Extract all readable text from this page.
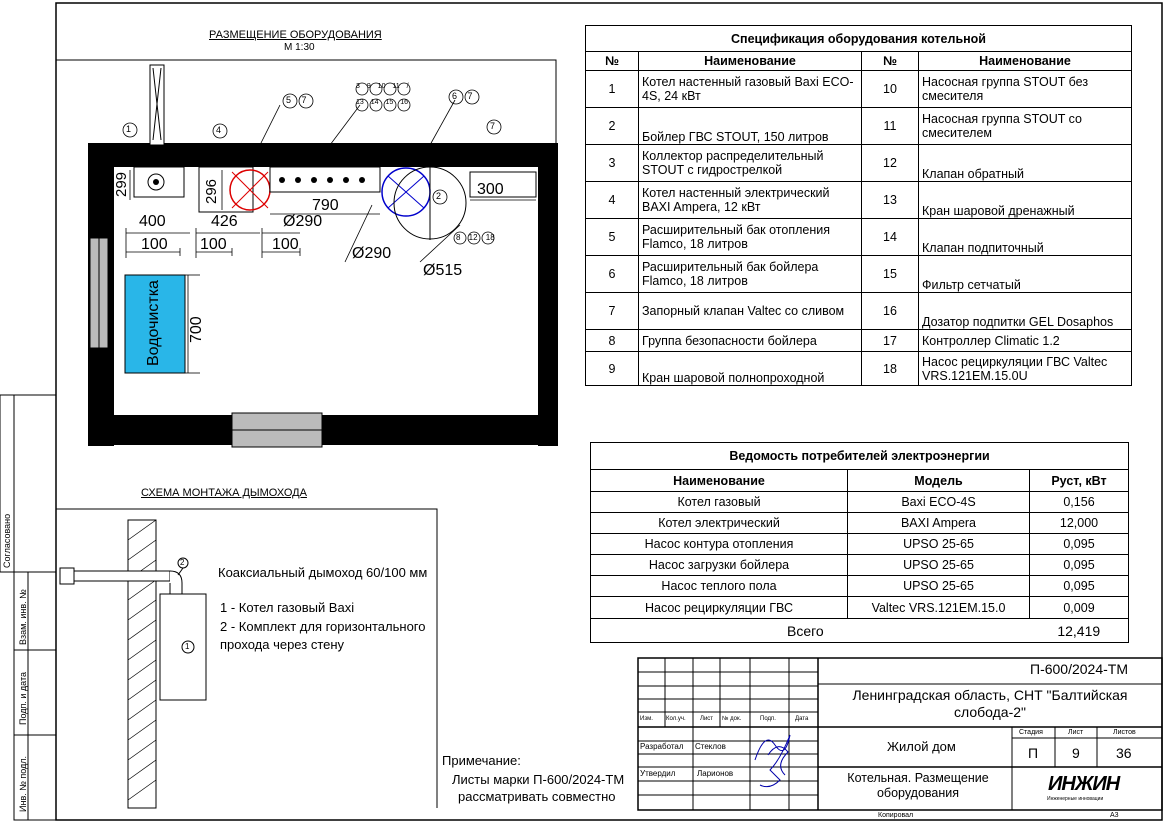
Согласовано
Взам. инв. №
Подп. и дата
Инв. № подл.
РАЗМЕЩЕНИЕ ОБОРУДОВАНИЯ
М 1:30
1	4
5 7	6 7
7
2
3 9 10 11 / 13 14 15 16
8 12 18
299	296
400	426
790
Ø290
300
100 100	100
Ø290
Ø515
700
Водочистка
Спецификация оборудования котельной			
№	Наименование	№	Наименование
1	Котел настенный газовый Baxi ECO-4S, 24 кВт	10	Насосная группа STOUT без смесителя
2	Бойлер ГВС STOUT, 150 литров	11	Насосная группа STOUT со смесителем
3	Коллектор распределительный STOUT с гидрострелкой	12	Клапан обратный
4	Котел настенный электрический BAXI Ampera, 12 кВт	13	Кран шаровой дренажный
5	Расширительный бак отопления Flamco, 18 литров	14	Клапан подпиточный
6	Расширительный бак бойлера Flamco, 18 литров	15	Фильтр сетчатый
7	Запорный клапан Valtec со сливом	16	Дозатор подпитки GEL Dosaphos
8	Группа безопасности бойлера	17	Контроллер Climatic 1.2
9	Кран шаровой полнопроходной	18	Насос рециркуляции ГВС Valtec VRS.121EM.15.0U
Ведомость потребителей электроэнергии		
Наименование	Модель	Руст, кВт
Котел газовый	Baxi ECO-4S	0,156
Котел электрический	BAXI Ampera	12,000
Насос контура отопления	UPSO 25-65	0,095
Насос загрузки бойлера	UPSO 25-65	0,095
Насос теплого пола	UPSO 25-65	0,095
Насос рециркуляции ГВС	Valtec VRS.121EM.15.0	0,009
Всего		12,419
СХЕМА МОНТАЖА ДЫМОХОДА
1
2
Коаксиальный дымоход 60/100 мм
1 - Котел газовый Baxi
2 - Комплект для горизонтального
прохода через стену
Примечание:
Листы марки П-600/2024-ТМ
рассматривать совместно
П-600/2024-ТМ
Ленинградская область, СНТ "Балтийская слобода-2"
Жилой дом
Котельная. Размещение оборудования
Стадия	Лист	Листов
П 9	36
Изм. Кол.уч. Лист № док.	Подп.	Дата
Разработал Стеклов
Утвердил	Ларионов	ИНЖИН
Инженерные инновации
Копировал	А3
